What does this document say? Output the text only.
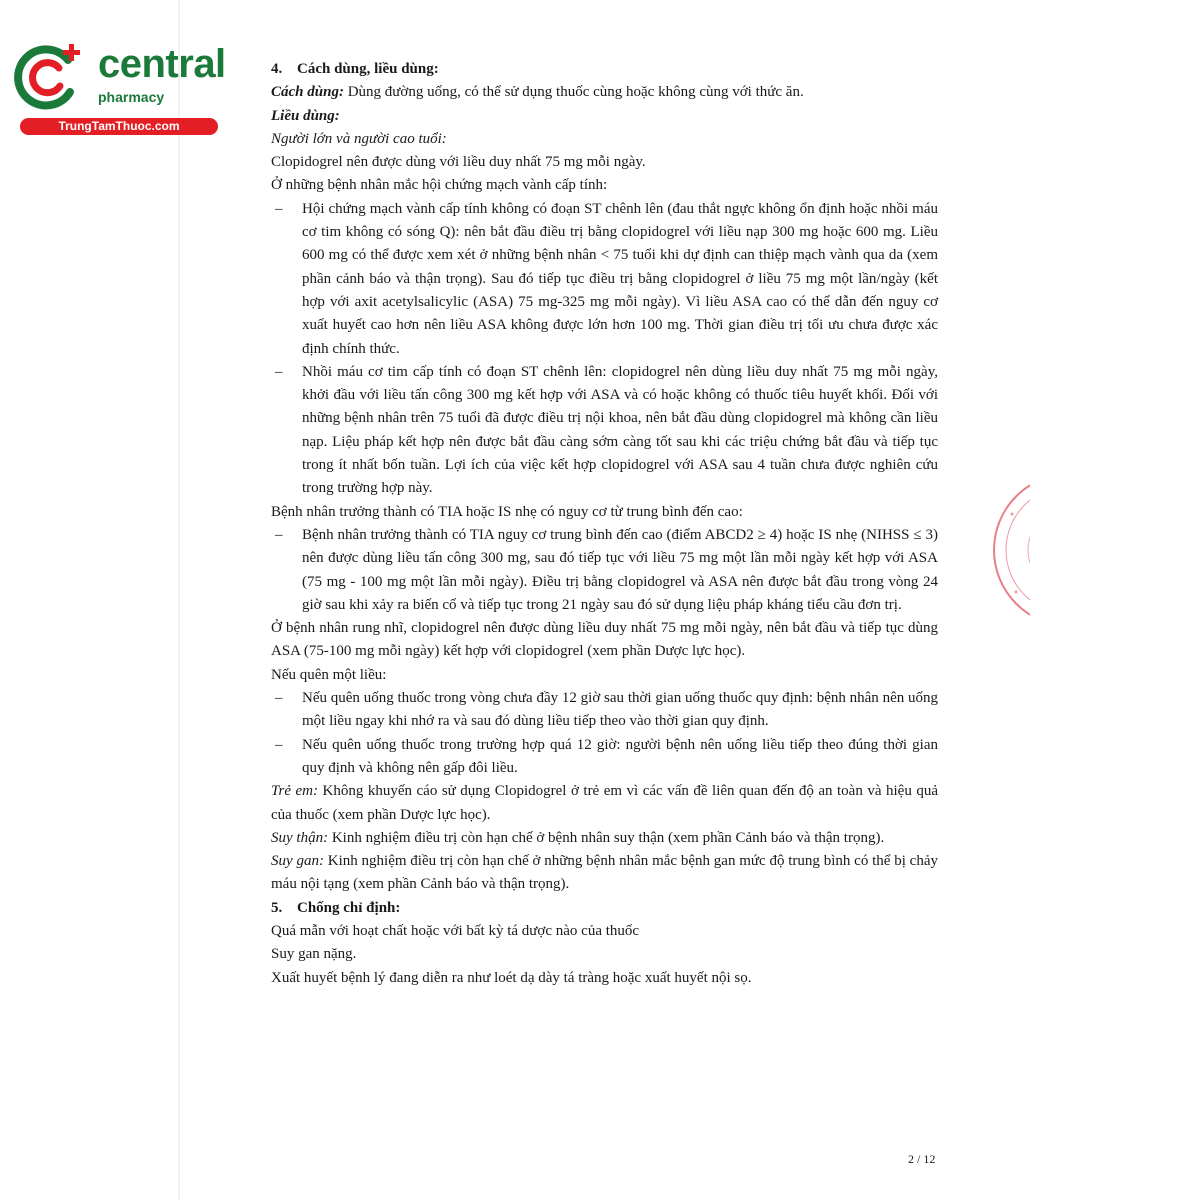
central
pharmacy
TrungTamThuoc.com

4. Cách dùng, liều dùng:

Cách dùng: Dùng đường uống, có thể sử dụng thuốc cùng hoặc không cùng với thức ăn.

Liều dùng:

Người lớn và người cao tuổi:

Clopidogrel nên được dùng với liều duy nhất 75 mg mỗi ngày.

Ở những bệnh nhân mắc hội chứng mạch vành cấp tính:

– Hội chứng mạch vành cấp tính không có đoạn ST chênh lên (đau thắt ngực không ổn định hoặc nhồi máu cơ tim không có sóng Q): nên bắt đầu điều trị bằng clopidogrel với liều nạp 300 mg hoặc 600 mg. Liều 600 mg có thể được xem xét ở những bệnh nhân < 75 tuổi khi dự định can thiệp mạch vành qua da (xem phần cảnh báo và thận trọng). Sau đó tiếp tục điều trị bằng clopidogrel ở liều 75 mg một lần/ngày (kết hợp với axit acetylsalicylic (ASA) 75 mg-325 mg mỗi ngày). Vì liều ASA cao có thể dẫn đến nguy cơ xuất huyết cao hơn nên liều ASA không được lớn hơn 100 mg. Thời gian điều trị tối ưu chưa được xác định chính thức.

– Nhồi máu cơ tim cấp tính có đoạn ST chênh lên: clopidogrel nên dùng liều duy nhất 75 mg mỗi ngày, khởi đầu với liều tấn công 300 mg kết hợp với ASA và có hoặc không có thuốc tiêu huyết khối. Đối với những bệnh nhân trên 75 tuổi đã được điều trị nội khoa, nên bắt đầu dùng clopidogrel mà không cần liều nạp. Liệu pháp kết hợp nên được bắt đầu càng sớm càng tốt sau khi các triệu chứng bắt đầu và tiếp tục trong ít nhất bốn tuần. Lợi ích của việc kết hợp clopidogrel với ASA sau 4 tuần chưa được nghiên cứu trong trường hợp này.

Bệnh nhân trưởng thành có TIA hoặc IS nhẹ có nguy cơ từ trung bình đến cao:

– Bệnh nhân trưởng thành có TIA nguy cơ trung bình đến cao (điểm ABCD2 ≥ 4) hoặc IS nhẹ (NIHSS ≤ 3) nên được dùng liều tấn công 300 mg, sau đó tiếp tục với liều 75 mg một lần mỗi ngày kết hợp với ASA (75 mg - 100 mg một lần mỗi ngày). Điều trị bằng clopidogrel và ASA nên được bắt đầu trong vòng 24 giờ sau khi xảy ra biến cố và tiếp tục trong 21 ngày sau đó sử dụng liệu pháp kháng tiểu cầu đơn trị.

Ở bệnh nhân rung nhĩ, clopidogrel nên được dùng liều duy nhất 75 mg mỗi ngày, nên bắt đầu và tiếp tục dùng ASA (75-100 mg mỗi ngày) kết hợp với clopidogrel (xem phần Dược lực học).

Nếu quên một liều:

– Nếu quên uống thuốc trong vòng chưa đầy 12 giờ sau thời gian uống thuốc quy định: bệnh nhân nên uống một liều ngay khi nhớ ra và sau đó dùng liều tiếp theo vào thời gian quy định.

– Nếu quên uống thuốc trong trường hợp quá 12 giờ: người bệnh nên uống liều tiếp theo đúng thời gian quy định và không nên gấp đôi liều.

Trẻ em: Không khuyến cáo sử dụng Clopidogrel ở trẻ em vì các vấn đề liên quan đến độ an toàn và hiệu quả của thuốc (xem phần Dược lực học).

Suy thận: Kinh nghiệm điều trị còn hạn chế ở bệnh nhân suy thận (xem phần Cảnh báo và thận trọng).

Suy gan: Kinh nghiệm điều trị còn hạn chế ở những bệnh nhân mắc bệnh gan mức độ trung bình có thể bị chảy máu nội tạng (xem phần Cảnh báo và thận trọng).

5. Chống chỉ định:

Quá mẫn với hoạt chất hoặc với bất kỳ tá dược nào của thuốc

Suy gan nặng.

Xuất huyết bệnh lý đang diễn ra như loét dạ dày tá tràng hoặc xuất huyết nội sọ.

2 / 12
